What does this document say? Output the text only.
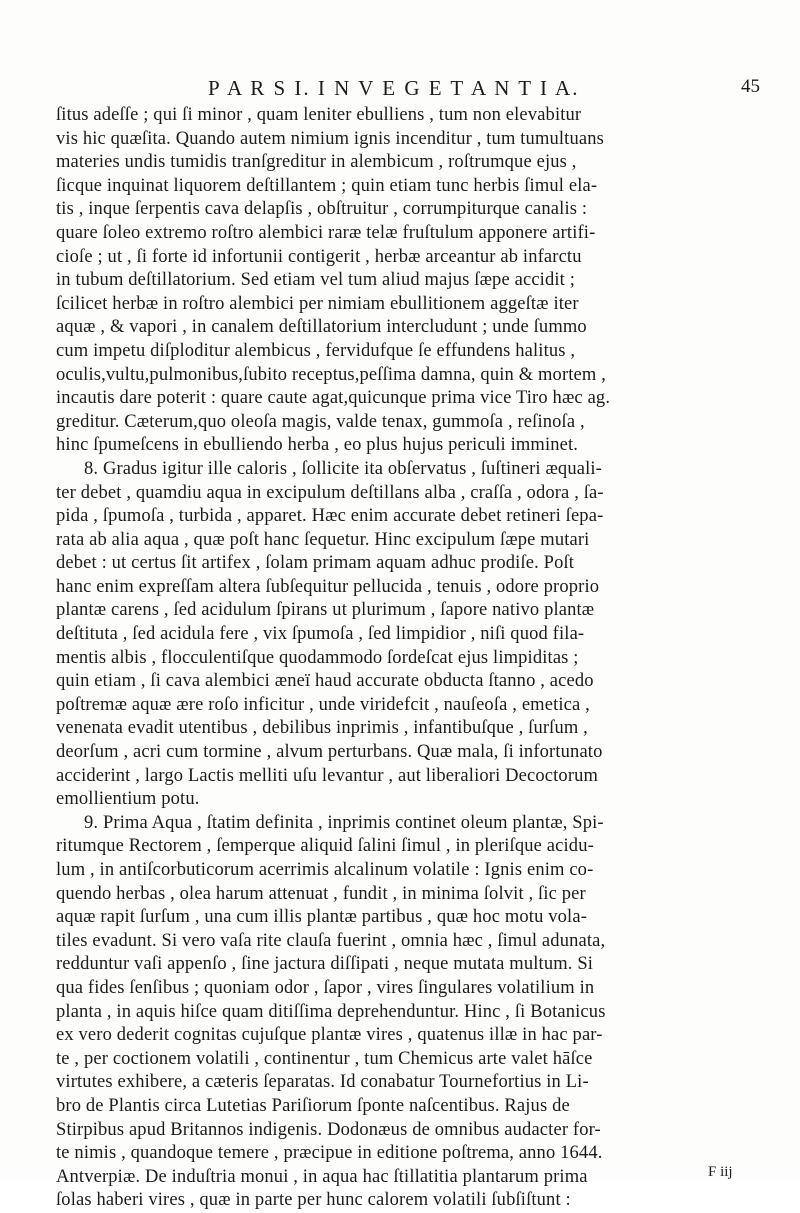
P A R S I. I N V E G E T A N T I A.	45
ſitus adeſſe ; qui ſi minor , quam leniter ebulliens , tum non elevabitur
vis hic quæſita. Quando autem nimium ignis incenditur , tum tumultuans
materies undis tumidis tranſgreditur in alembicum , roſtrumque ejus ,
ſicque inquinat liquorem deſtillantem ; quin etiam tunc herbis ſimul ela-
tis , inque ſerpentis cava delapſis , obſtruitur , corrumpiturque canalis :
quare ſoleo extremo roſtro alembici raræ telæ fruſtulum apponere artifi-
cioſe ; ut , ſi forte id infortunii contigerit , herbæ arceantur ab infarctu
in tubum deſtillatorium. Sed etiam vel tum aliud majus ſæpe accidit ;
ſcilicet herbæ in roſtro alembici per nimiam ebullitionem aggeſtæ iter
aquæ , & vapori , in canalem deſtillatorium intercludunt ; unde ſummo
cum impetu diſploditur alembicus , fervidufque ſe effundens halitus ,
oculis,vultu,pulmonibus,ſubito receptus,peſſima damna, quin & mortem ,
incautis dare poterit : quare caute agat,quicunque prima vice Tiro hæc ag.
greditur. Cæterum,quo oleoſa magis, valde tenax, gummoſa , reſinoſa ,
hinc ſpumeſcens in ebulliendo herba , eo plus hujus periculi imminet.
8. Gradus igitur ille caloris , ſollicite ita obſervatus , ſuſtineri æquali-
ter debet , quamdiu aqua in excipulum deſtillans alba , craſſa , odora , ſa-
pida , ſpumoſa , turbida , apparet. Hæc enim accurate debet retineri ſepa-
rata ab alia aqua , quæ poſt hanc ſequetur. Hinc excipulum ſæpe mutari
debet : ut certus ſit artifex , ſolam primam aquam adhuc prodiſe. Poſt
hanc enim expreſſam altera ſubſequitur pellucida , tenuis , odore proprio
plantæ carens , ſed acidulum ſpirans ut plurimum , ſapore nativo plantæ
deſtituta , ſed acidula fere , vix ſpumoſa , ſed limpidior , niſi quod fila-
mentis albis , flocculentiſque quodammodo ſordeſcat ejus limpiditas ;
quin etiam , ſi cava alembici æneï haud accurate obducta ſtanno , acedo
poſtremæ aquæ ære roſo inficitur , unde viridefcit , nauſeoſa , emetica ,
venenata evadit utentibus , debilibus inprimis , infantibuſque , ſurſum ,
deorſum , acri cum tormine , alvum perturbans. Quæ mala, ſi infortunato
acciderint , largo Lactis melliti uſu levantur , aut liberaliori Decoctorum
emollientium potu.
9. Prima Aqua , ſtatim definita , inprimis continet oleum plantæ, Spi-
ritumque Rectorem , ſemperque aliquid ſalini ſimul , in pleriſque acidu-
lum , in antiſcorbuticorum acerrimis alcalinum volatile : Ignis enim co-
quendo herbas , olea harum attenuat , fundit , in minima ſolvit , ſic per
aquæ rapit ſurſum , una cum illis plantæ partibus , quæ hoc motu vola-
tiles evadunt. Si vero vaſa rite clauſa fuerint , omnia hæc , ſimul adunata,
redduntur vaſi appenſo , ſine jactura diſſipati , neque mutata multum. Si
qua fides ſenſibus ; quoniam odor , ſapor , vires ſingulares volatilium in
planta , in aquis hiſce quam ditiſſima deprehenduntur. Hinc , ſi Botanicus
ex vero dederit cognitas cujuſque plantæ vires , quatenus illæ in hac par-
te , per coctionem volatili , continentur , tum Chemicus arte valet hāſce
virtutes exhibere, a cæteris ſeparatas. Id conabatur Tournefortius in Li-
bro de Plantis circa Lutetias Pariſiorum ſponte naſcentibus. Rajus de
Stirpibus apud Britannos indigenis. Dodonæus de omnibus audacter for-
te nimis , quandoque temere , præcipue in editione poſtrema, anno 1644.
Antverpiæ. De induſtria monui , in aqua hac ſtillatitia plantarum prima
ſolas haberi vires , quæ in parte per hunc calorem volatili ſubſiſtunt :
F iij
